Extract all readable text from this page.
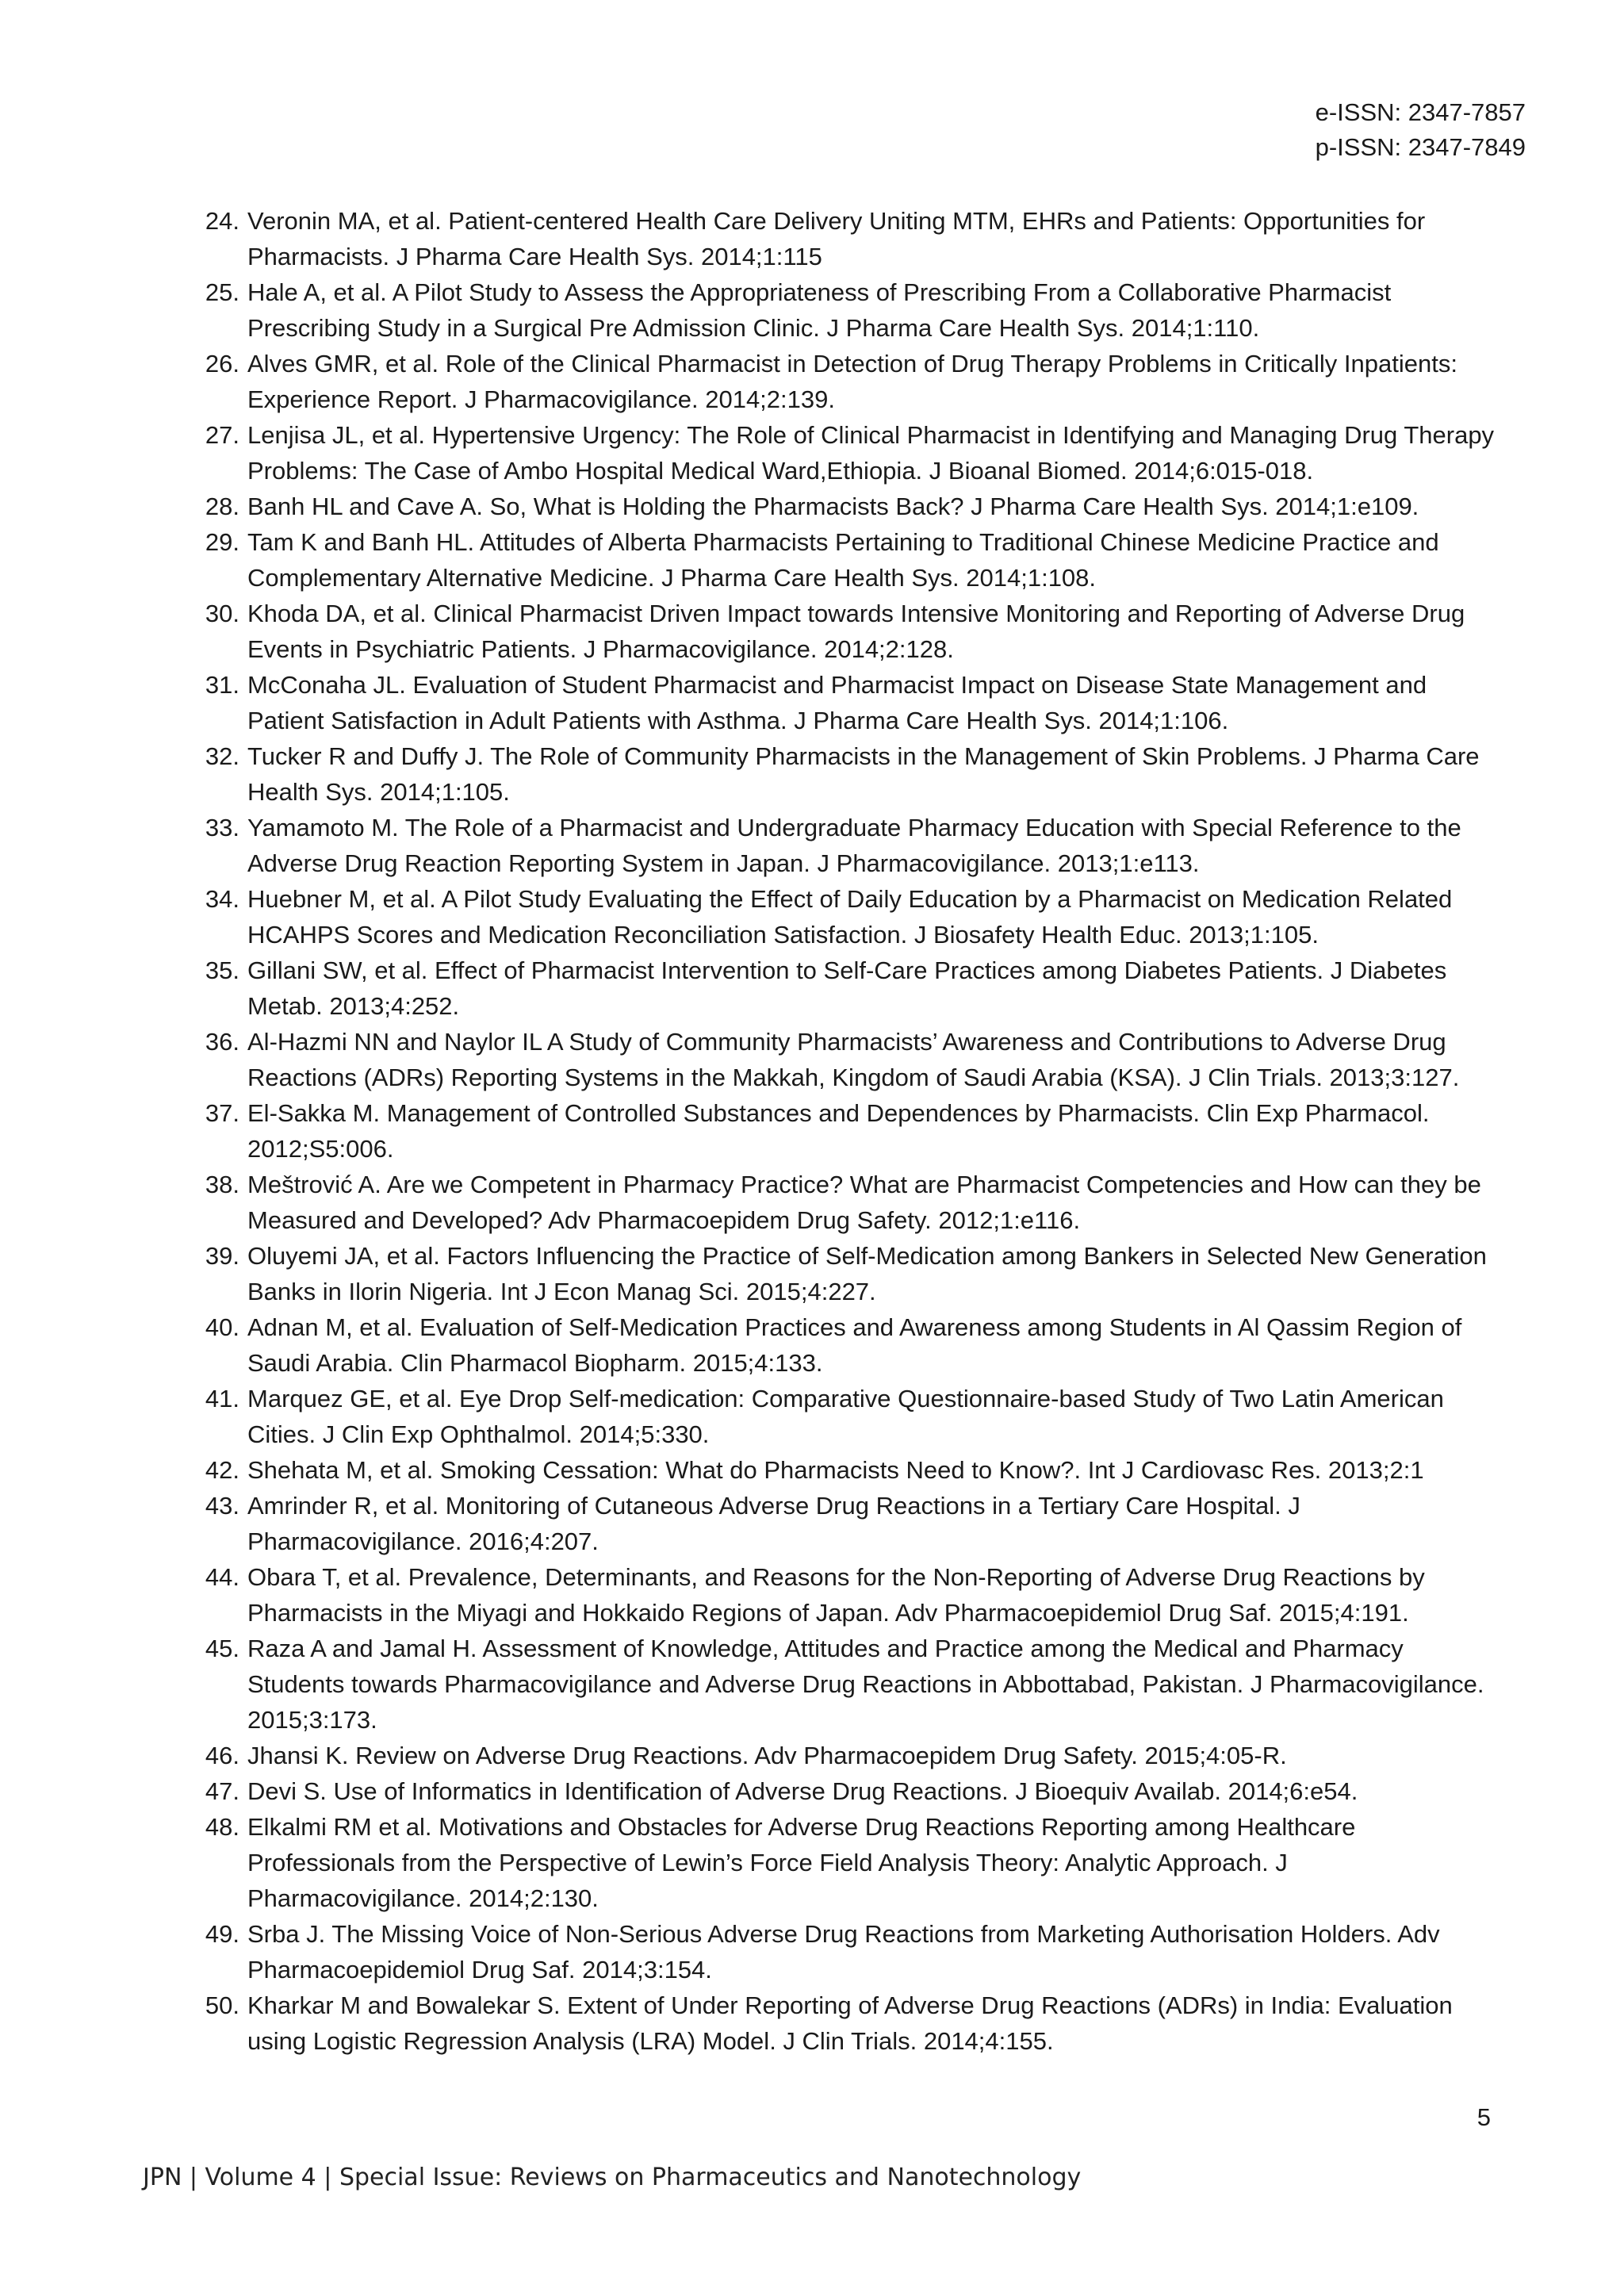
e-ISSN: 2347-7857
p-ISSN: 2347-7849
24. Veronin MA, et al. Patient-centered Health Care Delivery Uniting MTM, EHRs and Patients: Opportunities for Pharmacists. J Pharma Care Health Sys. 2014;1:115
25. Hale A, et al. A Pilot Study to Assess the Appropriateness of Prescribing From a Collaborative Pharmacist Prescribing Study in a Surgical Pre Admission Clinic. J Pharma Care Health Sys. 2014;1:110.
26. Alves GMR, et al. Role of the Clinical Pharmacist in Detection of Drug Therapy Problems in Critically Inpatients: Experience Report. J Pharmacovigilance. 2014;2:139.
27. Lenjisa JL, et al. Hypertensive Urgency: The Role of Clinical Pharmacist in Identifying and Managing Drug Therapy Problems: The Case of Ambo Hospital Medical Ward,Ethiopia. J Bioanal Biomed. 2014;6:015-018.
28. Banh HL and Cave A. So, What is Holding the Pharmacists Back? J Pharma Care Health Sys. 2014;1:e109.
29. Tam K and Banh HL. Attitudes of Alberta Pharmacists Pertaining to Traditional Chinese Medicine Practice and Complementary Alternative Medicine. J Pharma Care Health Sys. 2014;1:108.
30. Khoda DA, et al. Clinical Pharmacist Driven Impact towards Intensive Monitoring and Reporting of Adverse Drug Events in Psychiatric Patients. J Pharmacovigilance. 2014;2:128.
31. McConaha JL. Evaluation of Student Pharmacist and Pharmacist Impact on Disease State Management and Patient Satisfaction in Adult Patients with Asthma. J Pharma Care Health Sys. 2014;1:106.
32. Tucker R and Duffy J. The Role of Community Pharmacists in the Management of Skin Problems. J Pharma Care Health Sys. 2014;1:105.
33. Yamamoto M. The Role of a Pharmacist and Undergraduate Pharmacy Education with Special Reference to the Adverse Drug Reaction Reporting System in Japan. J Pharmacovigilance. 2013;1:e113.
34. Huebner M, et al. A Pilot Study Evaluating the Effect of Daily Education by a Pharmacist on Medication Related HCAHPS Scores and Medication Reconciliation Satisfaction. J Biosafety Health Educ. 2013;1:105.
35. Gillani SW, et al. Effect of Pharmacist Intervention to Self-Care Practices among Diabetes Patients. J Diabetes Metab. 2013;4:252.
36. Al-Hazmi NN and Naylor IL A Study of Community Pharmacists’ Awareness and Contributions to Adverse Drug Reactions (ADRs) Reporting Systems in the Makkah, Kingdom of Saudi Arabia (KSA). J Clin Trials. 2013;3:127.
37. El-Sakka M. Management of Controlled Substances and Dependences by Pharmacists. Clin Exp Pharmacol. 2012;S5:006.
38. Meštrović A. Are we Competent in Pharmacy Practice? What are Pharmacist Competencies and How can they be Measured and Developed? Adv Pharmacoepidem Drug Safety. 2012;1:e116.
39. Oluyemi JA, et al. Factors Influencing the Practice of Self-Medication among Bankers in Selected New Generation Banks in Ilorin Nigeria. Int J Econ Manag Sci. 2015;4:227.
40. Adnan M, et al. Evaluation of Self-Medication Practices and Awareness among Students in Al Qassim Region of Saudi Arabia. Clin Pharmacol Biopharm. 2015;4:133.
41. Marquez GE, et al. Eye Drop Self-medication: Comparative Questionnaire-based Study of Two Latin American Cities. J Clin Exp Ophthalmol. 2014;5:330.
42. Shehata M, et al. Smoking Cessation: What do Pharmacists Need to Know?. Int J Cardiovasc Res. 2013;2:1
43. Amrinder R, et al. Monitoring of Cutaneous Adverse Drug Reactions in a Tertiary Care Hospital. J Pharmacovigilance. 2016;4:207.
44. Obara T, et al. Prevalence, Determinants, and Reasons for the Non-Reporting of Adverse Drug Reactions by Pharmacists in the Miyagi and Hokkaido Regions of Japan. Adv Pharmacoepidemiol Drug Saf. 2015;4:191.
45. Raza A and Jamal H. Assessment of Knowledge, Attitudes and Practice among the Medical and Pharmacy Students towards Pharmacovigilance and Adverse Drug Reactions in Abbottabad, Pakistan. J Pharmacovigilance. 2015;3:173.
46. Jhansi K. Review on Adverse Drug Reactions. Adv Pharmacoepidem Drug Safety. 2015;4:05-R.
47. Devi S. Use of Informatics in Identification of Adverse Drug Reactions. J Bioequiv Availab. 2014;6:e54.
48. Elkalmi RM et al. Motivations and Obstacles for Adverse Drug Reactions Reporting among Healthcare Professionals from the Perspective of Lewin’s Force Field Analysis Theory: Analytic Approach. J Pharmacovigilance. 2014;2:130.
49. Srba J. The Missing Voice of Non-Serious Adverse Drug Reactions from Marketing Authorisation Holders. Adv Pharmacoepidemiol Drug Saf. 2014;3:154.
50. Kharkar M and Bowalekar S. Extent of Under Reporting of Adverse Drug Reactions (ADRs) in India: Evaluation using Logistic Regression Analysis (LRA) Model. J Clin Trials. 2014;4:155.
5
JPN | Volume 4 | Special Issue: Reviews on Pharmaceutics and Nanotechnology
